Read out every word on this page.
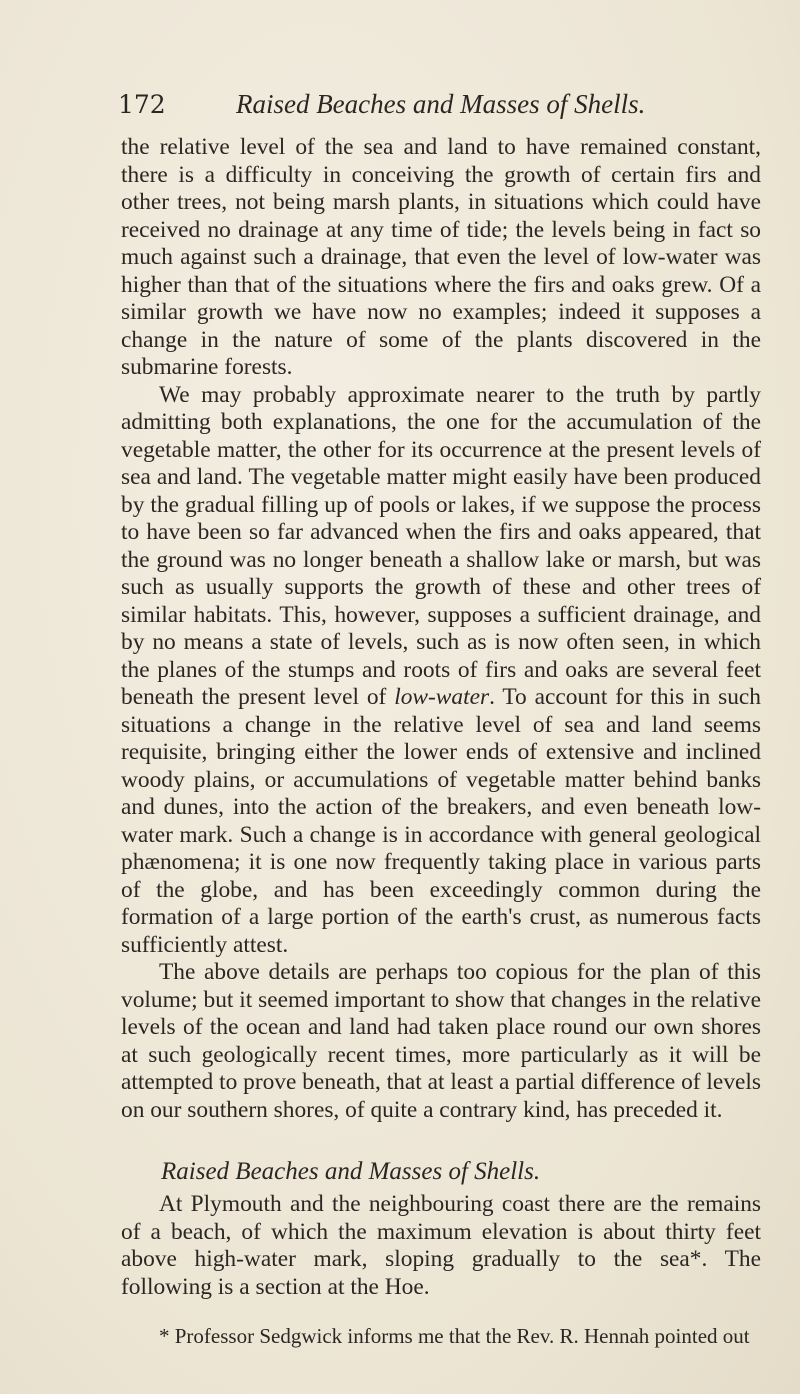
172	Raised Beaches and Masses of Shells.

the relative level of the sea and land to have remained constant, there is a difficulty in conceiving the growth of certain firs and other trees, not being marsh plants, in situations which could have received no drainage at any time of tide; the levels being in fact so much against such a drainage, that even the level of low-water was higher than that of the situations where the firs and oaks grew. Of a similar growth we have now no examples; indeed it supposes a change in the nature of some of the plants discovered in the submarine forests.

We may probably approximate nearer to the truth by partly admitting both explanations, the one for the accumulation of the vegetable matter, the other for its occurrence at the present levels of sea and land. The vegetable matter might easily have been produced by the gradual filling up of pools or lakes, if we suppose the process to have been so far advanced when the firs and oaks appeared, that the ground was no longer beneath a shallow lake or marsh, but was such as usually supports the growth of these and other trees of similar habitats. This, however, supposes a sufficient drainage, and by no means a state of levels, such as is now often seen, in which the planes of the stumps and roots of firs and oaks are several feet beneath the present level of low-water. To account for this in such situations a change in the relative level of sea and land seems requisite, bringing either the lower ends of extensive and inclined woody plains, or accumulations of vegetable matter behind banks and dunes, into the action of the breakers, and even beneath low-water mark. Such a change is in accordance with general geological phænomena; it is one now frequently taking place in various parts of the globe, and has been exceedingly common during the formation of a large portion of the earth's crust, as numerous facts sufficiently attest.

The above details are perhaps too copious for the plan of this volume; but it seemed important to show that changes in the relative levels of the ocean and land had taken place round our own shores at such geologically recent times, more particularly as it will be attempted to prove beneath, that at least a partial difference of levels on our southern shores, of quite a contrary kind, has preceded it.

Raised Beaches and Masses of Shells.

At Plymouth and the neighbouring coast there are the remains of a beach, of which the maximum elevation is about thirty feet above high-water mark, sloping gradually to the sea*. The following is a section at the Hoe.

* Professor Sedgwick informs me that the Rev. R. Hennah pointed out
